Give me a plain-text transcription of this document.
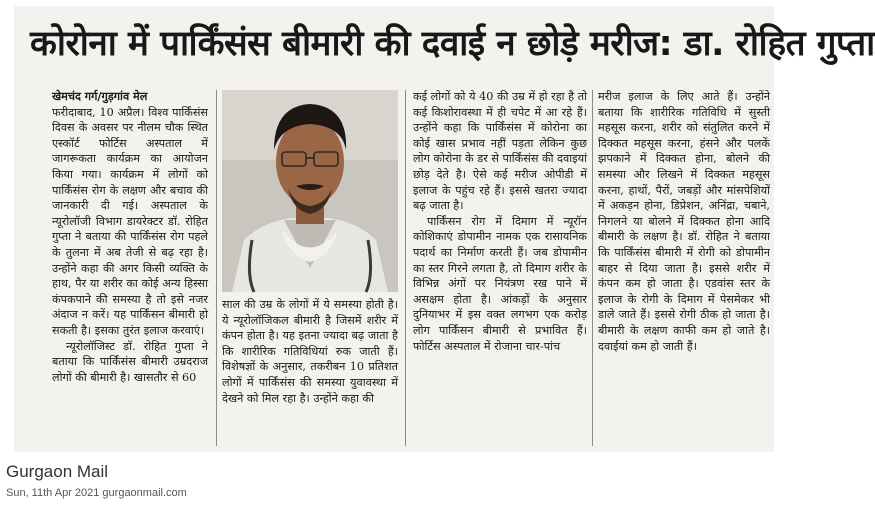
कोरोना में पार्किंसंस बीमारी की दवाई न छोड़े मरीज: डा. रोहित गुप्ता

खेमचंद गर्ग/गुड़गांव मेल

फरीदाबाद, 10 अप्रैल। विश्व पार्किंसंस दिवस के अवसर पर नीलम चौक स्थित एस्कॉर्ट फोर्टिस अस्पताल में जागरूकता कार्यक्रम का आयोजन किया गया। कार्यक्रम में लोगों को पार्किंसंस रोग के लक्षण और बचाव की जानकारी दी गई। अस्पताल के न्यूरोलॉजी विभाग डायरेक्टर डॉ. रोहित गुप्ता ने बताया की पार्किंसंस रोग पहले के तुलना में अब तेजी से बढ़ रहा है। उन्होंने कहा की अगर किसी व्यक्ति के हाथ, पैर या शरीर का कोई अन्य हिस्सा कंपकपाने की समस्या है तो इसे नजर अंदाज न करें। यह पार्किंसन बीमारी हो सकती है। इसका तुरंत इलाज करवाएं।

न्यूरोलॉजिस्ट डॉ. रोहित गुप्ता ने बताया कि पार्किंसंस बीमारी उम्रदराज लोगों की बीमारी है। खासतौर से 60

साल की उम्र के लोगों में ये समस्या होती है। ये न्यूरोलॉजिकल बीमारी है जिसमें शरीर में कंपन होता है। यह इतना ज्यादा बढ़ जाता है कि शारीरिक गतिविधियां रुक जाती हैं। विशेषज्ञों के अनुसार, तकरीबन 10 प्रतिशत लोगों में पार्किंसंस की समस्या युवावस्था में देखने को मिल रहा है। उन्होंने कहा की

कई लोगों को ये 40 की उम्र में हो रहा है तो कई किशोरावस्था में ही चपेट में आ रहे हैं। उन्होंने कहा कि पार्किंसंस में कोरोना का कोई खास प्रभाव नहीं पड़ता लेकिन कुछ लोग कोरोना के डर से पार्किंसंस की दवाइयां छोड़ देते है। ऐसे कई मरीज ओपीडी में इलाज के पहुंच रहे हैं। इससे खतरा ज्यादा बढ़ जाता है।

पार्किंसन रोग में दिमाग में न्यूरॉन कोशिकाएं डोपामीन नामक एक रासायनिक पदार्थ का निर्माण करती हैं। जब डोपामीन का स्तर गिरने लगता है, तो दिमाग शरीर के विभिन्न अंगों पर नियंत्रण रख पाने में असक्षम होता है। आंकड़ों के अनुसार दुनियाभर में इस वक्त लगभग एक करोड़ लोग पार्किंसन बीमारी से प्रभावित हैं। फोर्टिस अस्पताल में रोजाना चार-पांच

मरीज इलाज के लिए आते हैं। उन्होंने बताया कि शारीरिक गतिविधि में सुस्ती महसूस करना, शरीर को संतुलित करने में दिक्कत महसूस करना, हंसने और पलकें झपकाने में दिक्कत होना, बोलने की समस्या और लिखने में दिक्कत महसूस करना, हाथों, पैरों, जबड़ों और मांसपेशियों में अकड़न होना, डिप्रेशन, अनिंद्रा, चबाने, निगलने या बोलने में दिक्कत होना आदि बीमारी के लक्षण है। डॉ. रोहित ने बताया कि पार्किंसंस बीमारी में रोगी को डोपामीन बाहर से दिया जाता है। इससे शरीर में कंपन कम हो जाता है। एडवांस स्तर के इलाज के रोगी के दिमाग में पेसमेकर भी डाले जाते हैं। इससे रोगी ठीक हो जाता है। बीमारी के लक्षण काफी कम हो जाते है। दवाईयां कम हो जाती हैं।

Gurgaon Mail
Sun, 11th Apr 2021 gurgaonmail.com
